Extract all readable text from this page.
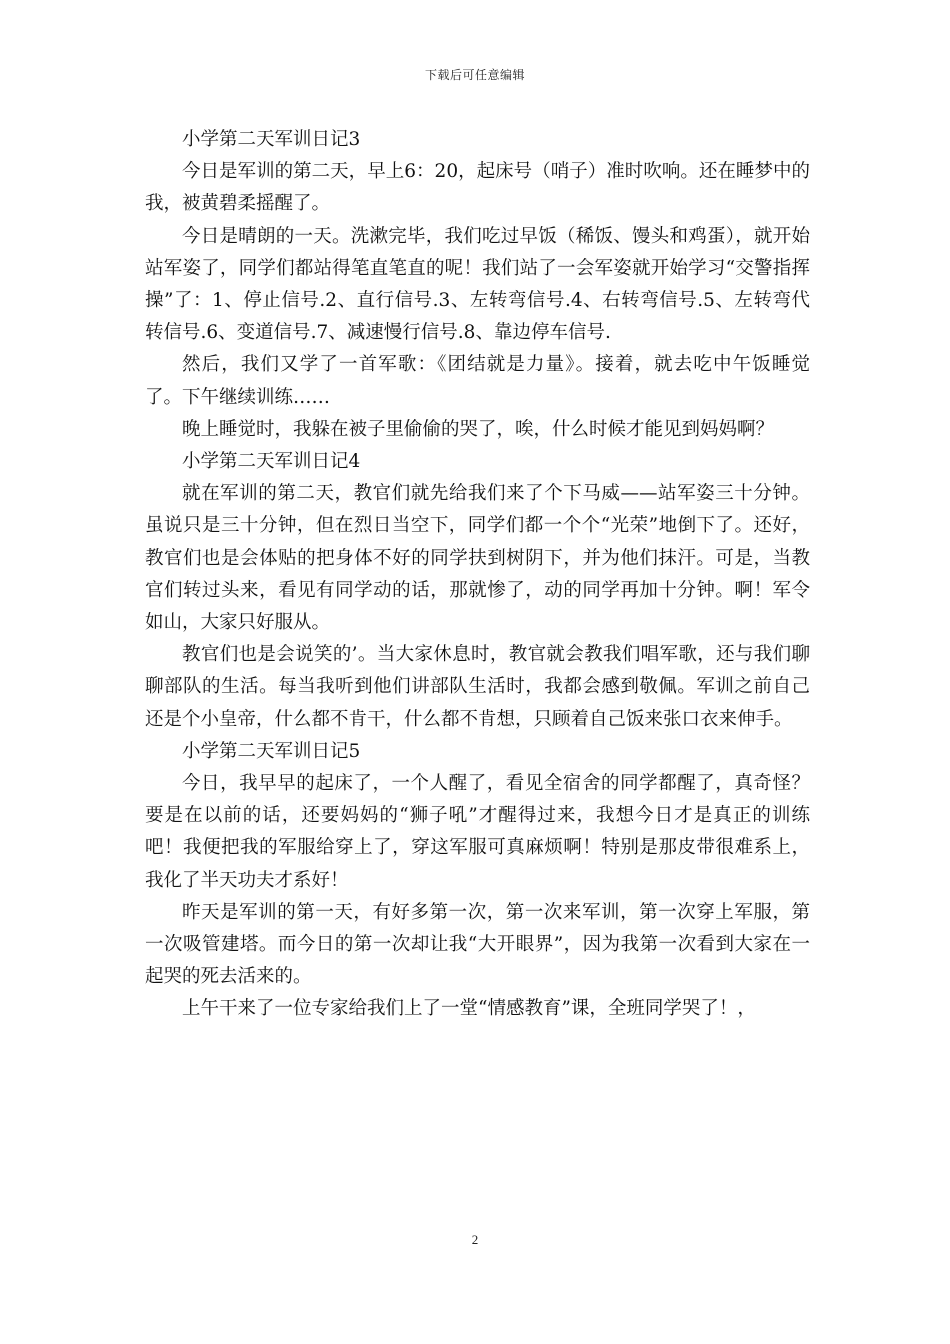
下载后可任意编辑

小学第二天军训日记3

今日是军训的第二天，早上6：20，起床号（哨子）准时吹响。还在睡梦中的我，被黄碧柔摇醒了。

今日是晴朗的一天。洗漱完毕，我们吃过早饭（稀饭、馒头和鸡蛋），就开始站军姿了，同学们都站得笔直笔直的呢！我们站了一会军姿就开始学习“交警指挥操”了：1、停止信号.2、直行信号.3、左转弯信号.4、右转弯信号.5、左转弯代转信号.6、变道信号.7、减速慢行信号.8、靠边停车信号.

然后，我们又学了一首军歌：《团结就是力量》。接着，就去吃中午饭睡觉了。下午继续训练……

晚上睡觉时，我躲在被子里偷偷的哭了，唉，什么时候才能见到妈妈啊？

小学第二天军训日记4

就在军训的第二天，教官们就先给我们来了个下马威——站军姿三十分钟。虽说只是三十分钟，但在烈日当空下，同学们都一个个“光荣”地倒下了。还好，教官们也是会体贴的把身体不好的同学扶到树阴下，并为他们抹汗。可是，当教官们转过头来，看见有同学动的话，那就惨了，动的同学再加十分钟。啊！军令如山，大家只好服从。

教官们也是会说笑的’。当大家休息时，教官就会教我们唱军歌，还与我们聊聊部队的生活。每当我听到他们讲部队生活时，我都会感到敬佩。军训之前自己还是个小皇帝，什么都不肯干，什么都不肯想，只顾着自己饭来张口衣来伸手。

小学第二天军训日记5

今日，我早早的起床了，一个人醒了，看见全宿舍的同学都醒了，真奇怪？要是在以前的话，还要妈妈的“狮子吼”才醒得过来，我想今日才是真正的训练吧！我便把我的军服给穿上了，穿这军服可真麻烦啊！特别是那皮带很难系上，我化了半天功夫才系好！

昨天是军训的第一天，有好多第一次，第一次来军训，第一次穿上军服，第一次吸管建塔。而今日的第一次却让我“大开眼界”，因为我第一次看到大家在一起哭的死去活来的。

上午干来了一位专家给我们上了一堂“情感教育”课，全班同学哭了！，

2
